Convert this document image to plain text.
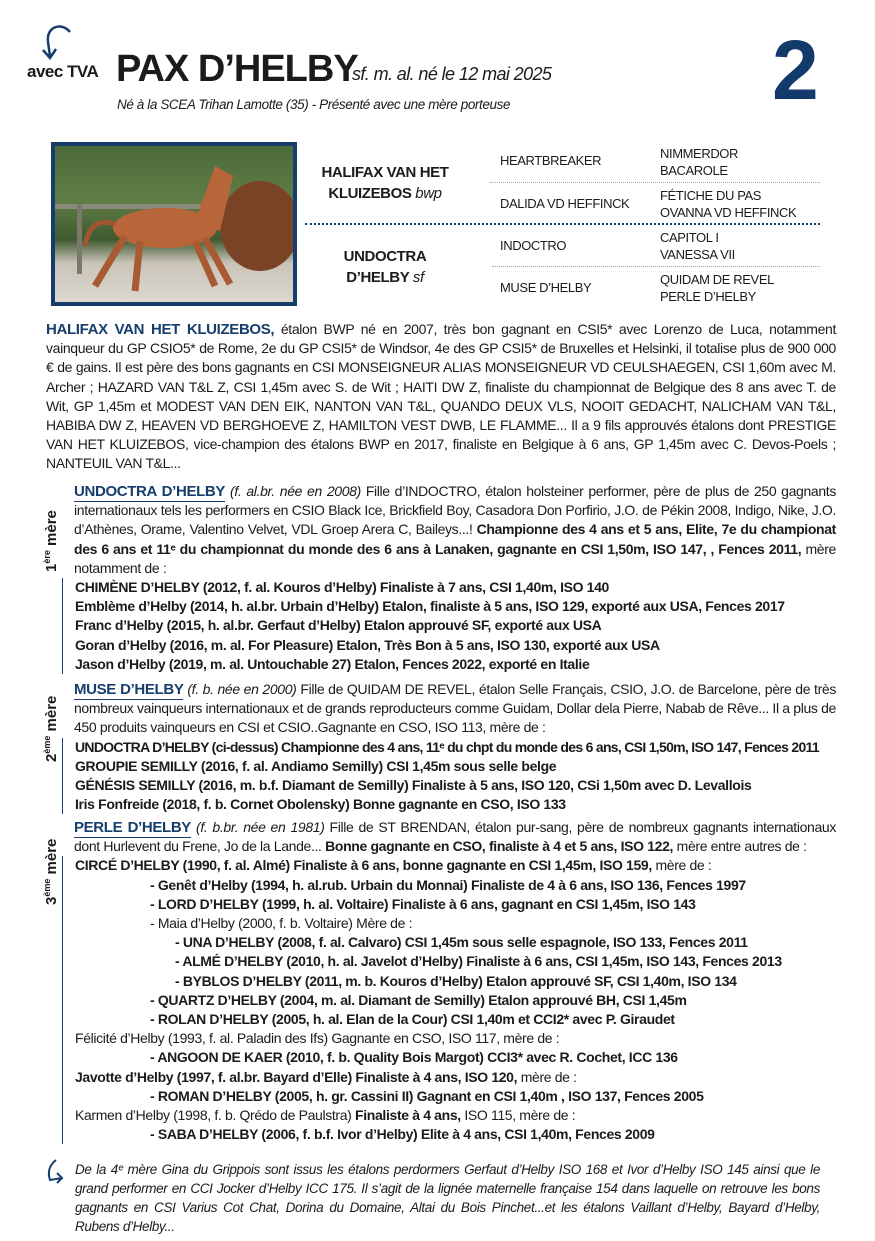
avec TVA PAX D’HELBY
sf. m. al. né le 12 mai 2025
Né à la SCEA Trihan Lamotte (35) - Présenté avec une mère porteuse	2
HALIFAX VAN HET KLUIZEBOS bwp
UNDOCTRA D’HELBY sf
HEARTBREAKER
DALIDA VD HEFFINCK
INDOCTRO
MUSE D’HELBY
NIMMERDOR
BACAROLE
FÉTICHE DU PAS
OVANNA VD HEFFINCK
CAPITOL I
VANESSA VII
QUIDAM DE REVEL
PERLE D’HELBY
HALIFAX VAN HET KLUIZEBOS, étalon BWP né en 2007, très bon gagnant en CSI5* avec Lorenzo de Luca, notamment vainqueur du GP CSIO5* de Rome, 2e du GP CSI5* de Windsor, 4e des GP CSI5* de Bruxelles et Helsinki, il totalise plus de 900 000 € de gains. Il est père des bons gagnants en CSI MONSEIGNEUR ALIAS MONSEIGNEUR VD CEULSHAEGEN, CSI 1,60m avec M. Archer ; HAZARD VAN T&L Z, CSI 1,45m avec S. de Wit ; HAITI DW Z, finaliste du championnat de Belgique des 8 ans avec T. de Wit, GP 1,45m et MODEST VAN DEN EIK, NANTON VAN T&L, QUANDO DEUX VLS, NOOIT GEDACHT, NALICHAM VAN T&L, HABIBA DW Z, HEAVEN VD BERGHOEVE Z, HAMILTON VEST DWB, LE FLAMME... Il a 9 fils approuvés étalons dont PRESTIGE VAN HET KLUIZEBOS, vice-champion des étalons BWP en 2017, finaliste en Belgique à 6 ans, GP 1,45m avec C. Devos-Poels ; NANTEUIL VAN T&L...
1ère mère
UNDOCTRA D’HELBY (f. al.br. née en 2008) Fille d’INDOCTRO, étalon holsteiner performer, père de plus de 250 gagnants internationaux tels les performers en CSIO Black Ice, Brickfield Boy, Casadora Don Porfirio, J.O. de Pékin 2008, Indigo, Nike, J.O. d’Athènes, Orame, Valentino Velvet, VDL Groep Arera C, Baileys...! Championne des 4 ans et 5 ans, Elite, 7e du championat des 6 ans et 11ᵉ du championnat du monde des 6 ans à Lanaken, gagnante en CSI 1,50m, ISO 147, , Fences 2011, mère notamment de :
CHIMÈNE D’HELBY (2012, f. al. Kouros d’Helby) Finaliste à 7 ans, CSI 1,40m, ISO 140
Emblème d’Helby (2014, h. al.br. Urbain d’Helby) Etalon, finaliste à 5 ans, ISO 129, exporté aux USA, Fences 2017
Franc d’Helby (2015, h. al.br. Gerfaut d’Helby) Etalon approuvé SF, exporté aux USA
Goran d’Helby (2016, m. al. For Pleasure) Etalon, Très Bon à 5 ans, ISO 130, exporté aux USA
Jason d’Helby (2019, m. al. Untouchable 27) Etalon, Fences 2022, exporté en Italie
2ème mère
MUSE D’HELBY (f. b. née en 2000) Fille de QUIDAM DE REVEL, étalon Selle Français, CSIO, J.O. de Barcelone, père de très nombreux vainqueurs internationaux et de grands reproducteurs comme Guidam, Dollar dela Pierre, Nabab de Rêve... Il a plus de 450 produits vainqueurs en CSI et CSIO..Gagnante en CSO, ISO 113, mère de :
UNDOCTRA D’HELBY (ci-dessus) Championne des 4 ans, 11ᵉ du chpt du monde des 6 ans, CSI 1,50m, ISO 147, Fences 2011
GROUPIE SEMILLY (2016, f. al. Andiamo Semilly) CSI 1,45m sous selle belge
GÉNÉSIS SEMILLY (2016, m. b.f. Diamant de Semilly) Finaliste à 5 ans, ISO 120, CSi 1,50m avec D. Levallois
Iris Fonfreide (2018, f. b. Cornet Obolensky) Bonne gagnante en CSO, ISO 133
3ème mère
PERLE D’HELBY (f. b.br. née en 1981) Fille de ST BRENDAN, étalon pur-sang, père de nombreux gagnants internationaux dont Hurlevent du Frene, Jo de la Lande... Bonne gagnante en CSO, finaliste à 4 et 5 ans, ISO 122, mère entre autres de :
CIRCÉ D’HELBY (1990, f. al. Almé) Finaliste à 6 ans, bonne gagnante en CSI 1,45m, ISO 159, mère de :
- Genêt d’Helby (1994, h. al.rub. Urbain du Monnai) Finaliste de 4 à 6 ans, ISO 136, Fences 1997
- LORD D’HELBY (1999, h. al. Voltaire) Finaliste à 6 ans, gagnant en CSI 1,45m, ISO 143
- Maia d’Helby (2000, f. b. Voltaire) Mère de :
- UNA D’HELBY (2008, f. al. Calvaro) CSI 1,45m sous selle espagnole, ISO 133, Fences 2011
- ALMÉ D’HELBY (2010, h. al. Javelot d’Helby) Finaliste à 6 ans, CSI 1,45m, ISO 143, Fences 2013
- BYBLOS D’HELBY (2011, m. b. Kouros d’Helby) Etalon approuvé SF, CSI 1,40m, ISO 134
- QUARTZ D’HELBY (2004, m. al. Diamant de Semilly) Etalon approuvé BH, CSI 1,45m
- ROLAN D’HELBY (2005, h. al. Elan de la Cour) CSI 1,40m et CCI2* avec P. Giraudet
Félicité d’Helby (1993, f. al. Paladin des Ifs) Gagnante en CSO, ISO 117, mère de :
- ANGOON DE KAER (2010, f. b. Quality Bois Margot) CCI3* avec R. Cochet, ICC 136
Javotte d’Helby (1997, f. al.br. Bayard d’Elle) Finaliste à 4 ans, ISO 120, mère de :
- ROMAN D’HELBY (2005, h. gr. Cassini II) Gagnant en CSI 1,40m , ISO 137, Fences 2005
Karmen d’Helby (1998, f. b. Qrédo de Paulstra) Finaliste à 4 ans, ISO 115, mère de :
- SABA D’HELBY (2006, f. b.f. Ivor d’Helby) Elite à 4 ans, CSI 1,40m, Fences 2009
De la 4ᵉ mère Gina du Grippois sont issus les étalons perdormers Gerfaut d’Helby ISO 168 et Ivor d’Helby ISO 145 ainsi que le grand performer en CCI Jocker d’Helby ICC 175. Il s’agit de la lignée maternelle française 154 dans laquelle on retrouve les bons gagnants en CSI Varius Cot Chat, Dorina du Domaine, Altai du Bois Pinchet...et les étalons Vaillant d’Helby, Bayard d’Helby, Rubens d’Helby...
